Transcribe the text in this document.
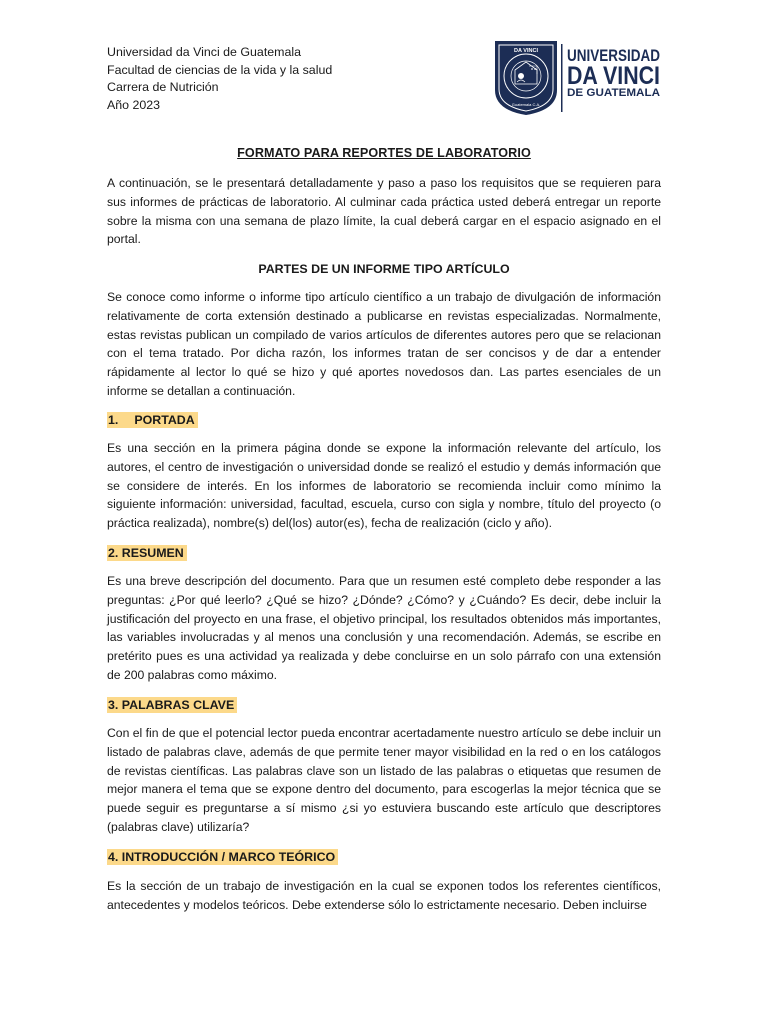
Universidad da Vinci de Guatemala
Facultad de ciencias de la vida y la salud
Carrera de Nutrición
Año 2023
DA VINCI
Guatemala C.A.
UNIVERSIDAD
DA VINCI
DE GUATEMALA
FORMATO PARA REPORTES DE LABORATORIO

A continuación, se le presentará detalladamente y paso a paso los requisitos que se requieren para sus informes de prácticas de laboratorio. Al culminar cada práctica usted deberá entregar un reporte sobre la misma con una semana de plazo límite, la cual deberá cargar en el espacio asignado en el portal.

PARTES DE UN INFORME TIPO ARTÍCULO

Se conoce como informe o informe tipo artículo científico a un trabajo de divulgación de información relativamente de corta extensión destinado a publicarse en revistas especializadas. Normalmente, estas revistas publican un compilado de varios artículos de diferentes autores pero que se relacionan con el tema tratado. Por dicha razón, los informes tratan de ser concisos y de dar a entender rápidamente al lector lo qué se hizo y qué aportes novedosos dan. Las partes esenciales de un informe se detallan a continuación.

1. PORTADA

Es una sección en la primera página donde se expone la información relevante del artículo, los autores, el centro de investigación o universidad donde se realizó el estudio y demás información que se considere de interés. En los informes de laboratorio se recomienda incluir como mínimo la siguiente información: universidad, facultad, escuela, curso con sigla y nombre, título del proyecto (o práctica realizada), nombre(s) del(los) autor(es), fecha de realización (ciclo y año).

2. RESUMEN

Es una breve descripción del documento. Para que un resumen esté completo debe responder a las preguntas: ¿Por qué leerlo? ¿Qué se hizo? ¿Dónde? ¿Cómo? y ¿Cuándo? Es decir, debe incluir la justificación del proyecto en una frase, el objetivo principal, los resultados obtenidos más importantes, las variables involucradas y al menos una conclusión y una recomendación. Además, se escribe en pretérito pues es una actividad ya realizada y debe concluirse en un solo párrafo con una extensión de 200 palabras como máximo.

3. PALABRAS CLAVE

Con el fin de que el potencial lector pueda encontrar acertadamente nuestro artículo se debe incluir un listado de palabras clave, además de que permite tener mayor visibilidad en la red o en los catálogos de revistas científicas. Las palabras clave son un listado de las palabras o etiquetas que resumen de mejor manera el tema que se expone dentro del documento, para escogerlas la mejor técnica que se puede seguir es preguntarse a sí mismo ¿si yo estuviera buscando este artículo que descriptores (palabras clave) utilizaría?

4. INTRODUCCIÓN / MARCO TEÓRICO

Es la sección de un trabajo de investigación en la cual se exponen todos los referentes científicos, antecedentes y modelos teóricos. Debe extenderse sólo lo estrictamente necesario. Deben incluirse
